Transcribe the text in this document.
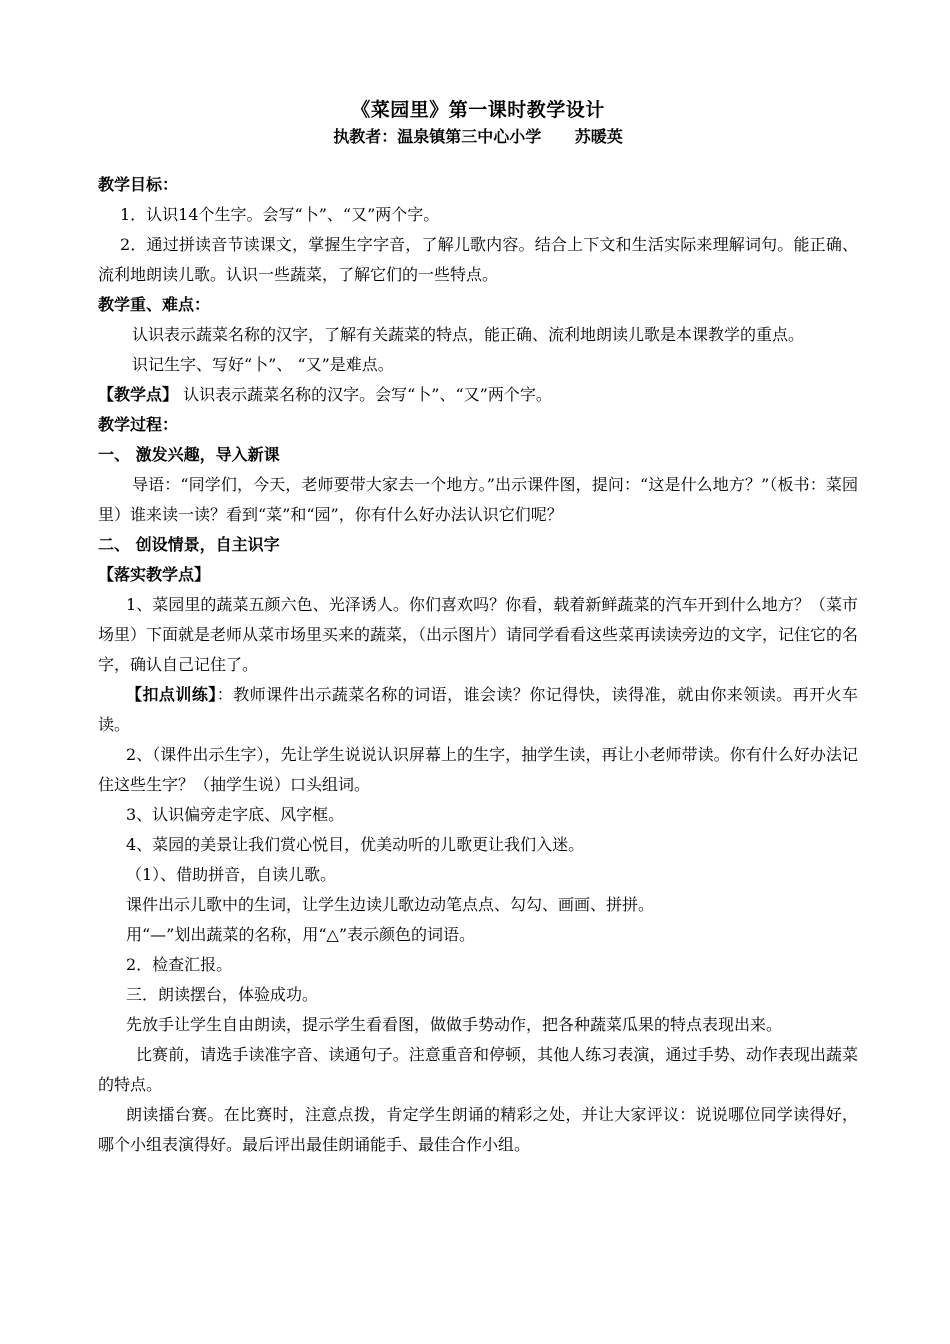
《菜园里》第一课时教学设计

执教者：温泉镇第三中心小学      苏暖英

教学目标：

1．认识14个生字。会写“卜”、“又”两个字。

2．通过拼读音节读课文，掌握生字字音，了解儿歌内容。结合上下文和生活实际来理解词句。能正确、流利地朗读儿歌。认识一些蔬菜，了解它们的一些特点。

教学重、难点：

认识表示蔬菜名称的汉字，了解有关蔬菜的特点，能正确、流利地朗读儿歌是本课教学的重点。

识记生字、写好“卜”、 “又”是难点。

【教学点】 认识表示蔬菜名称的汉字。会写“卜”、“又”两个字。

教学过程：

一、 激发兴趣，导入新课

导语：“同学们，今天，老师要带大家去一个地方。”出示课件图，提问：“这是什么地方？”（板书：菜园里）谁来读一读？看到“菜”和“园”，你有什么好办法认识它们呢？

二、 创设情景，自主识字

【落实教学点】

1、菜园里的蔬菜五颜六色、光泽诱人。你们喜欢吗？你看，载着新鲜蔬菜的汽车开到什么地方？（菜市场里）下面就是老师从菜市场里买来的蔬菜，（出示图片）请同学看看这些菜再读读旁边的文字，记住它的名字，确认自己记住了。

【扣点训练】：教师课件出示蔬菜名称的词语，谁会读？你记得快，读得准，就由你来领读。再开火车读。

2、（课件出示生字），先让学生说说认识屏幕上的生字，抽学生读，再让小老师带读。你有什么好办法记住这些生字？（抽学生说）口头组词。

3、认识偏旁走字底、风字框。

4、菜园的美景让我们赏心悦目，优美动听的儿歌更让我们入迷。

（1）、借助拼音，自读儿歌。

课件出示儿歌中的生词，让学生边读儿歌边动笔点点、勾勾、画画、拼拼。

用“—”划出蔬菜的名称，用“△”表示颜色的词语。

2．检查汇报。

三．朗读摆台，体验成功。

先放手让学生自由朗读，提示学生看看图，做做手势动作，把各种蔬菜瓜果的特点表现出来。

比赛前，请选手读准字音、读通句子。注意重音和停顿，其他人练习表演，通过手势、动作表现出蔬菜的特点。

朗读擂台赛。在比赛时，注意点拨，肯定学生朗诵的精彩之处，并让大家评议：说说哪位同学读得好，哪个小组表演得好。最后评出最佳朗诵能手、最佳合作小组。
